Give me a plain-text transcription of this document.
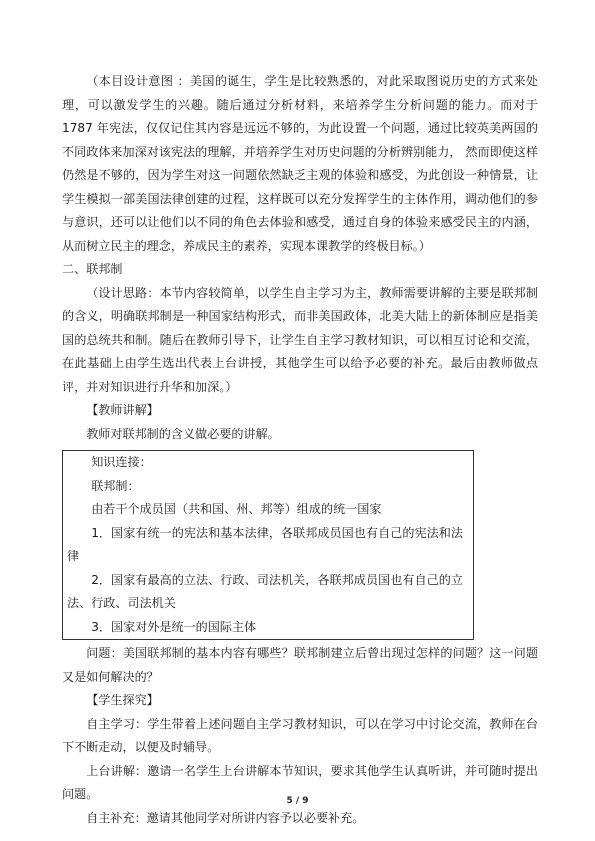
（本目设计意图 ：美国的诞生，学生是比较熟悉的，对此采取图说历史的方式来处理，可以激发学生的兴趣。随后通过分析材料，来培养学生分析问题的能力。而对于 1787 年宪法，仅仅记住其内容是远远不够的，为此设置一个问题，通过比较英美两国的不同政体来加深对该宪法的理解，并培养学生对历史问题的分析辨别能力， 然而即使这样仍然是不够的，因为学生对这一问题依然缺乏主观的体验和感受，为此创设一种情景，让学生模拟一部美国法律创建的过程，这样既可以充分发挥学生的主体作用，调动他们的参与意识，还可以让他们以不同的角色去体验和感受，通过自身的体验来感受民主的内涵，从而树立民主的理念，养成民主的素养，实现本课教学的终极目标。）

二、联邦制

（设计思路：本节内容较简单，以学生自主学习为主，教师需要讲解的主要是联邦制的含义，明确联邦制是一种国家结构形式，而非美国政体，北美大陆上的新体制应是指美国的总统共和制。随后在教师引导下，让学生自主学习教材知识，可以相互讨论和交流，在此基础上由学生选出代表上台讲授，其他学生可以给予必要的补充。最后由教师做点评，并对知识进行升华和加深。）

【教师讲解】

教师对联邦制的含义做必要的讲解。

知识连接：

联邦制：

由若干个成员国（共和国、州、邦等）组成的统一国家

1．国家有统一的宪法和基本法律，各联邦成员国也有自己的宪法和法律

2．国家有最高的立法、行政、司法机关，各联邦成员国也有自己的立法、行政、司法机关

3．国家对外是统一的国际主体

问题：美国联邦制的基本内容有哪些？联邦制建立后曾出现过怎样的问题？这一问题又是如何解决的？

【学生探究】

自主学习：学生带着上述问题自主学习教材知识，可以在学习中讨论交流，教师在台下不断走动，以便及时辅导。

上台讲解：邀请一名学生上台讲解本节知识，要求其他学生认真听讲，并可随时提出问题。

自主补充：邀请其他同学对所讲内容予以必要补充。

5 / 9
